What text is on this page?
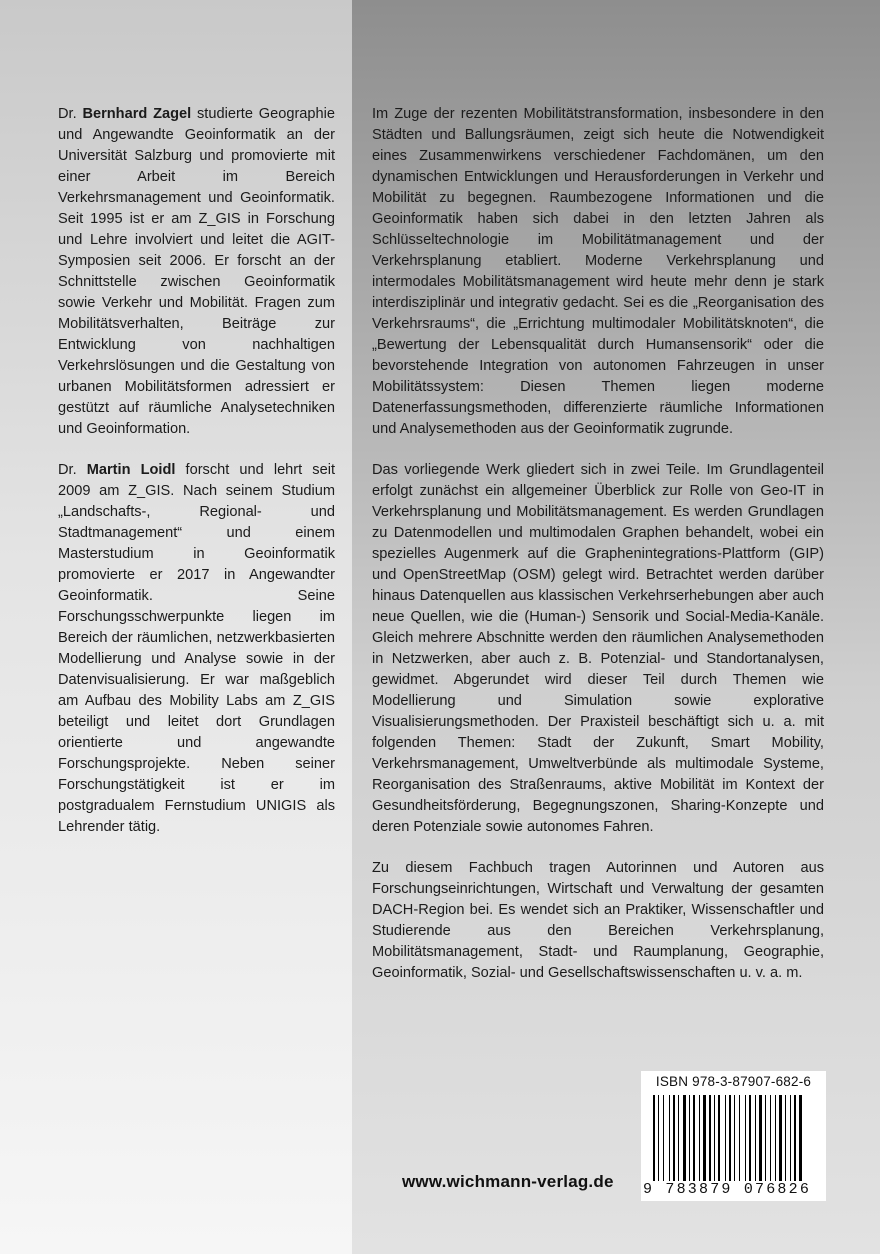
Dr. Bernhard Zagel studierte Geographie und Angewandte Geoinformatik an der Universität Salzburg und promovierte mit einer Arbeit im Bereich Verkehrsmanagement und Geoinformatik. Seit 1995 ist er am Z_GIS in Forschung und Lehre involviert und leitet die AGIT-Symposien seit 2006. Er forscht an der Schnittstelle zwischen Geoinformatik sowie Verkehr und Mobilität. Fragen zum Mobilitätsverhalten, Beiträge zur Entwicklung von nachhaltigen Verkehrslösungen und die Gestaltung von urbanen Mobilitätsformen adressiert er gestützt auf räumliche Analysetechniken und Geoinformation.

Dr. Martin Loidl forscht und lehrt seit 2009 am Z_GIS. Nach seinem Studium „Landschafts-, Regional- und Stadtmanagement“ und einem Masterstudium in Geoinformatik promovierte er 2017 in Angewandter Geoinformatik. Seine Forschungsschwerpunkte liegen im Bereich der räumlichen, netzwerkbasierten Modellierung und Analyse sowie in der Datenvisualisierung. Er war maßgeblich am Aufbau des Mobility Labs am Z_GIS beteiligt und leitet dort Grundlagen orientierte und angewandte Forschungsprojekte. Neben seiner Forschungstätigkeit ist er im postgradualem Fernstudium UNIGIS als Lehrender tätig.

Im Zuge der rezenten Mobilitätstransformation, insbesondere in den Städten und Ballungsräumen, zeigt sich heute die Notwendigkeit eines Zusammenwirkens verschiedener Fachdomänen, um den dynamischen Entwicklungen und Herausforderungen in Verkehr und Mobilität zu begegnen. Raumbezogene Informationen und die Geoinformatik haben sich dabei in den letzten Jahren als Schlüsseltechnologie im Mobilitätmanagement und der Verkehrsplanung etabliert. Moderne Verkehrsplanung und intermodales Mobilitätsmanagement wird heute mehr denn je stark interdisziplinär und integrativ gedacht. Sei es die „Reorganisation des Verkehrsraums“, die „Errichtung multimodaler Mobilitätsknoten“, die „Bewertung der Lebensqualität durch Humansensorik“ oder die bevorstehende Integration von autonomen Fahrzeugen in unser Mobilitätssystem: Diesen Themen liegen moderne Datenerfassungsmethoden, differenzierte räumliche Informationen und Analysemethoden aus der Geoinformatik zugrunde.

Das vorliegende Werk gliedert sich in zwei Teile. Im Grundlagenteil erfolgt zunächst ein allgemeiner Überblick zur Rolle von Geo-IT in Verkehrsplanung und Mobilitätsmanagement. Es werden Grundlagen zu Datenmodellen und multimodalen Graphen behandelt, wobei ein spezielles Augenmerk auf die Graphenintegrations-Plattform (GIP) und OpenStreetMap (OSM) gelegt wird. Betrachtet werden darüber hinaus Datenquellen aus klassischen Verkehrserhebungen aber auch neue Quellen, wie die (Human-) Sensorik und Social-Media-Kanäle. Gleich mehrere Abschnitte werden den räumlichen Analysemethoden in Netzwerken, aber auch z. B. Potenzial- und Standortanalysen, gewidmet. Abgerundet wird dieser Teil durch Themen wie Modellierung und Simulation sowie explorative Visualisierungsmethoden. Der Praxisteil beschäftigt sich u. a. mit folgenden Themen: Stadt der Zukunft, Smart Mobility, Verkehrsmanagement, Umweltverbünde als multimodale Systeme, Reorganisation des Straßenraums, aktive Mobilität im Kontext der Gesundheitsförderung, Begegnungszonen, Sharing-Konzepte und deren Potenziale sowie autonomes Fahren.

Zu diesem Fachbuch tragen Autorinnen und Autoren aus Forschungseinrichtungen, Wirtschaft und Verwaltung der gesamten DACH-Region bei. Es wendet sich an Praktiker, Wissenschaftler und Studierende aus den Bereichen Verkehrsplanung, Mobilitätsmanagement, Stadt- und Raumplanung, Geographie, Geoinformatik, Sozial- und Gesellschaftswissenschaften u. v. a. m.

ISBN 978-3-87907-682-6
9 783879 076826
www.wichmann-verlag.de
